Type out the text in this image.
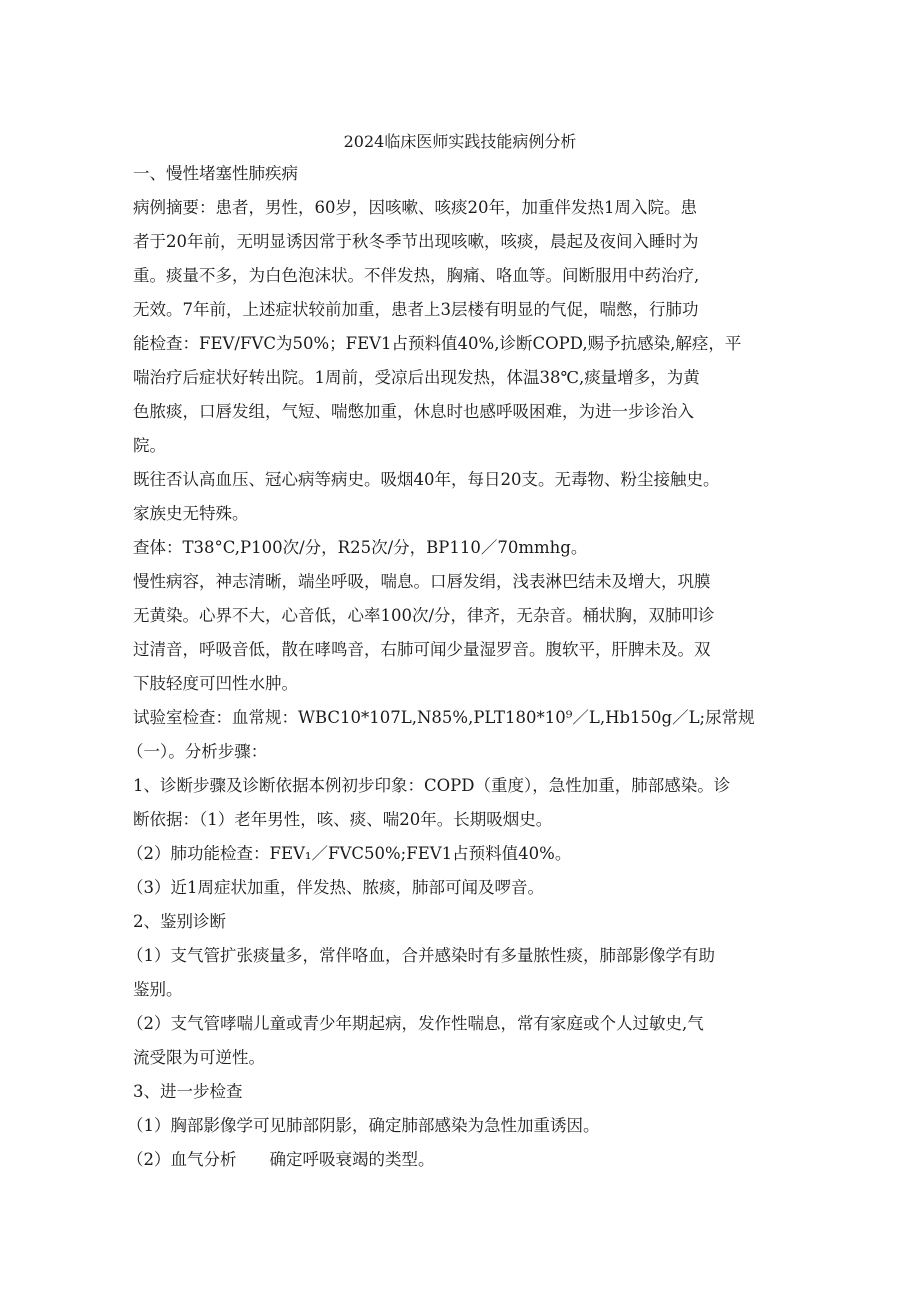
2024临床医师实践技能病例分析
一、慢性堵塞性肺疾病
病例摘要：患者，男性，60岁，因咳嗽、咳痰20年，加重伴发热1周入院。患
者于20年前，无明显诱因常于秋冬季节出现咳嗽，咳痰，晨起及夜间入睡时为
重。痰量不多，为白色泡沫状。不伴发热，胸痛、咯血等。间断服用中药治疗,
无效。7年前，上述症状较前加重，患者上3层楼有明显的气促，喘憋，行肺功
能检查：FEV/FVC为50%；FEV1占预料值40%,诊断COPD,赐予抗感染,解痉，平
喘治疗后症状好转出院。1周前，受凉后出现发热，体温38℃,痰量增多，为黄
色脓痰，口唇发组，气短、喘憋加重，休息时也感呼吸困难，为进一步诊治入
院。
既往否认高血压、冠心病等病史。吸烟40年，每日20支。无毒物、粉尘接触史。
家族史无特殊。
查体：T38°C,P100次/分，R25次/分，BP110／70mmhg。
慢性病容，神志清晰，端坐呼吸，喘息。口唇发绢，浅表淋巴结未及增大，巩膜
无黄染。心界不大，心音低，心率100次/分，律齐，无杂音。桶状胸，双肺叩诊
过清音，呼吸音低，散在哮鸣音，右肺可闻少量湿罗音。腹软平，肝脾未及。双
下肢轻度可凹性水肿。
试验室检查：血常规：WBC10*107L,N85%,PLT180*10⁹／L,Hb150g／L;尿常规
（一）。分析步骤：
1、诊断步骤及诊断依据本例初步印象：COPD（重度），急性加重，肺部感染。诊
断依据：（1）老年男性，咳、痰、喘20年。长期吸烟史。
（2）肺功能检查：FEV₁／FVC50%;FEV1占预料值40%。
（3）近1周症状加重，伴发热、脓痰，肺部可闻及啰音。
2、鉴别诊断
（1）支气管扩张痰量多，常伴咯血，合并感染时有多量脓性痰，肺部影像学有助
鉴别。
（2）支气管哮喘儿童或青少年期起病，发作性喘息，常有家庭或个人过敏史,气
流受限为可逆性。
3、进一步检查
（1）胸部影像学可见肺部阴影，确定肺部感染为急性加重诱因。
（2）血气分析　　确定呼吸衰竭的类型。
